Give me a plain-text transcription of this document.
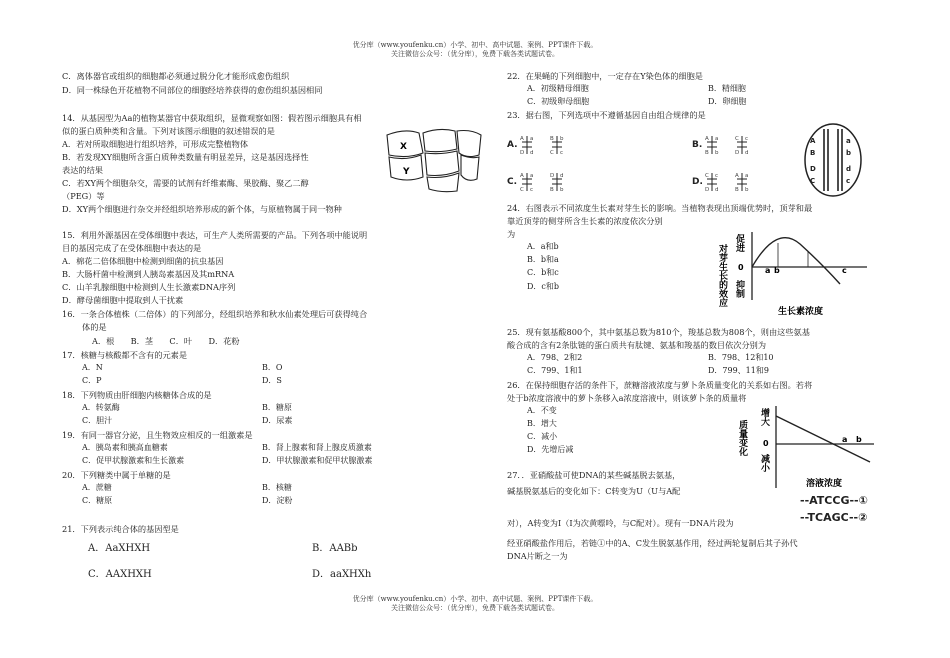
优分库（www.youfenku.cn）小学、初中、高中试题、案例、PPT课件下载。
关注微信公众号：（优分库），免费下载各类试题试卷。
优分库（www.youfenku.cn）小学、初中、高中试题、案例、PPT课件下载。
关注微信公众号：（优分库），免费下载各类试题试卷。
C．离体器官或组织的细胞都必须通过脱分化才能形成愈伤组织
D．同一株绿色开花植物不同部位的细胞经培养获得的愈伤组织基因相同
14．从基因型为Aa的植物某器官中获取组织，显微观察如图：假若图示细胞具有相
似的蛋白质种类和含量。下列对该图示细胞的叙述错误的是
A．若对所取细胞进行组织培养，可形成完整植物体
B．若发现XY细胞所含蛋白质种类数量有明显差异，这是基因选择性
表达的结果
C．若XY两个细胞杂交，需要的试剂有纤维素酶、果胶酶、聚乙二醇
（PEG）等
D．XY两个细胞进行杂交并经组织培养形成的新个体，与原植物属于同一物种
X
Y
15．利用外源基因在受体细胞中表达，可生产人类所需要的产品。下列各项中能说明
目的基因完成了在受体细胞中表达的是
A．棉花二倍体细胞中检测到细菌的抗虫基因
B．大肠杆菌中检测到人胰岛素基因及其mRNA
C．山羊乳腺细胞中检测到人生长激素DNA序列
D．酵母菌细胞中提取到人干扰素
16．一条合体植株（二倍体）的下列部分，经组织培养和秋水仙素处理后可获得纯合
体的是
A．根　　B．茎　　C．叶　　D．花粉
17．核糖与核酸都不含有的元素是
A．N	B．O
C．P	D．S
18．下列物质由肝细胞内核糖体合成的是
A．转氨酶	B．糖原
C．胆汁	D．尿素
19．有同一器官分泌，且生物效应相反的一组激素是
A．胰岛素和胰高血糖素	B．肾上腺素和肾上腺皮质激素
C．促甲状腺激素和生长激素	D．甲状腺激素和促甲状腺激素
20．下列糖类中属于单糖的是
A．蔗糖	B．核糖
C．糖原	D．淀粉
21．下列表示纯合体的基因型是
A．AaXHXH	B．AABb
C．AAXHXH	D．aaXHXh
22．在果蝇的下列细胞中，一定存在Y染色体的细胞是
A．初级精母细胞	B．精细胞
C．初级卵母细胞	D．卵细胞
23．据右图，下列选项中不遵循基因自由组合规律的是
A.	B.
C.	D.
A a
D d
B b
C c
A a
B b
C c
D d
A a
C c
D d
B b
C c
D d
A a
B b
A	a
B	b
D	d
C	c
24．右图表示不同浓度生长素对芽生长的影响。当植物表现出顶端优势时，顶芽和最
靠近顶芽的侧芽所含生长素的浓度依次分别
为
A．a和b
B．b和a
C．b和c
D．c和b	对芽生长的效应
促进
0
抑制
a b	c
生长素浓度
25．现有氨基酸800个，其中氨基总数为810个，羧基总数为808个，则由这些氨基
酸合成的含有2条肽链的蛋白质共有肽键、氨基和羧基的数目依次分别为
A．798、2和2	B．798、12和10
C．799、1和1	D．799、11和9
26．在保持细胞存活的条件下，蔗糖溶液浓度与萝卜条质量变化的关系如右图。若将
处于b浓度溶液中的萝卜条移入a浓度溶液中，则该萝卜条的质量将
A．不变
B．增大
C．减小
D．先增后减	质量变化
增大
0
减小
a b
溶液浓度
27．．亚硝酸盐可使DNA的某些碱基脱去氨基，
碱基脱氨基后的变化如下：C转变为U（U与A配
--ATCCG--①
--TCAGC--②
对），A转变为I（I为次黄嘌呤，与C配对）。现有一DNA片段为
经亚硝酸盐作用后，若链①中的A、C发生脱氨基作用，经过两轮复制后其子孙代
DNA片断之一为
